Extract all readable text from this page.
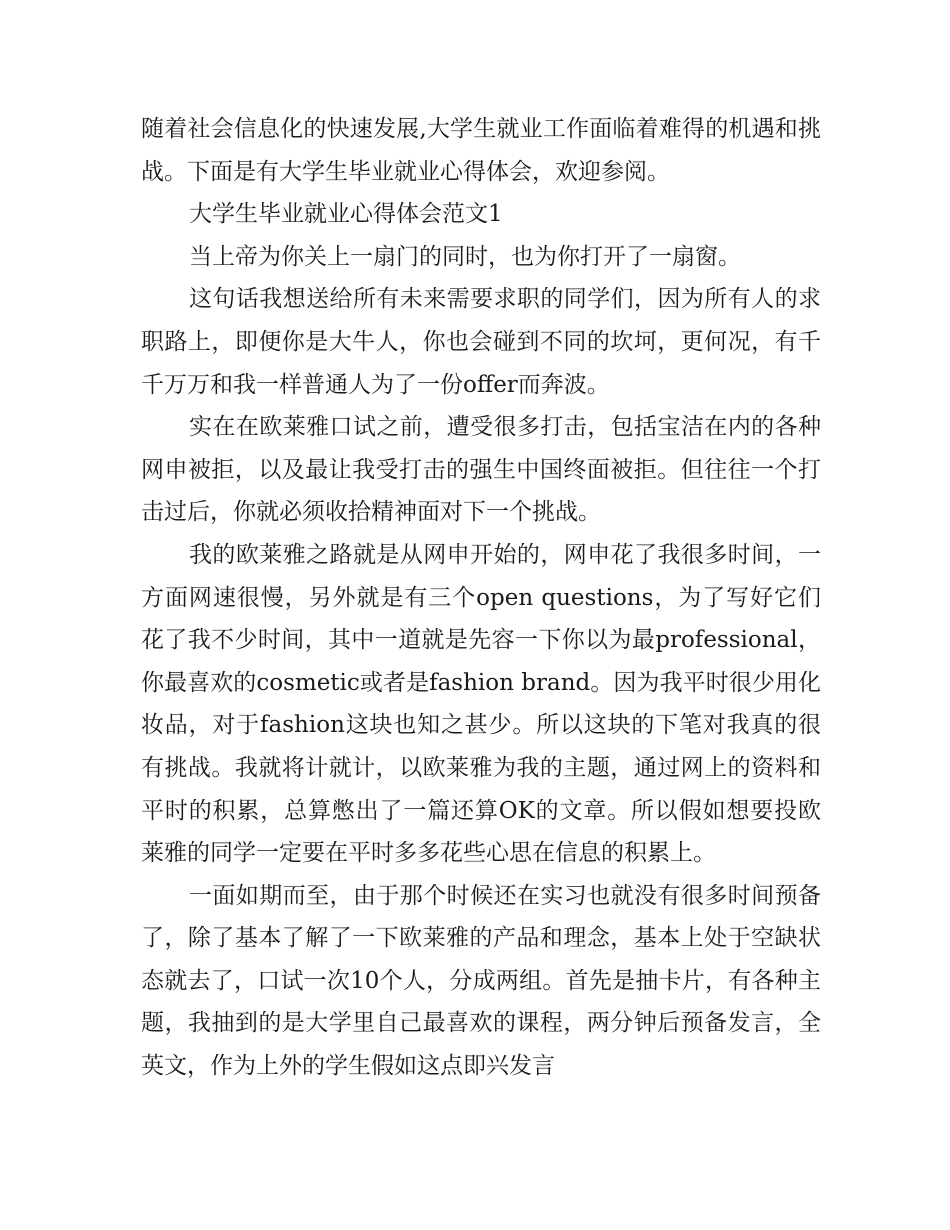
随着社会信息化的快速发展,大学生就业工作面临着难得的机遇和挑战。下面是有大学生毕业就业心得体会，欢迎参阅。

大学生毕业就业心得体会范文1

当上帝为你关上一扇门的同时，也为你打开了一扇窗。

这句话我想送给所有未来需要求职的同学们，因为所有人的求职路上，即便你是大牛人，你也会碰到不同的坎坷，更何况，有千千万万和我一样普通人为了一份offer而奔波。

实在在欧莱雅口试之前，遭受很多打击，包括宝洁在内的各种网申被拒，以及最让我受打击的强生中国终面被拒。但往往一个打击过后，你就必须收拾精神面对下一个挑战。

我的欧莱雅之路就是从网申开始的，网申花了我很多时间，一方面网速很慢，另外就是有三个open questions，为了写好它们花了我不少时间，其中一道就是先容一下你以为最professional，你最喜欢的cosmetic或者是fashion brand。因为我平时很少用化妆品，对于fashion这块也知之甚少。所以这块的下笔对我真的很有挑战。我就将计就计，以欧莱雅为我的主题，通过网上的资料和平时的积累，总算憋出了一篇还算OK的文章。所以假如想要投欧莱雅的同学一定要在平时多多花些心思在信息的积累上。

一面如期而至，由于那个时候还在实习也就没有很多时间预备了，除了基本了解了一下欧莱雅的产品和理念，基本上处于空缺状态就去了，口试一次10个人，分成两组。首先是抽卡片，有各种主题，我抽到的是大学里自己最喜欢的课程，两分钟后预备发言，全英文，作为上外的学生假如这点即兴发言
